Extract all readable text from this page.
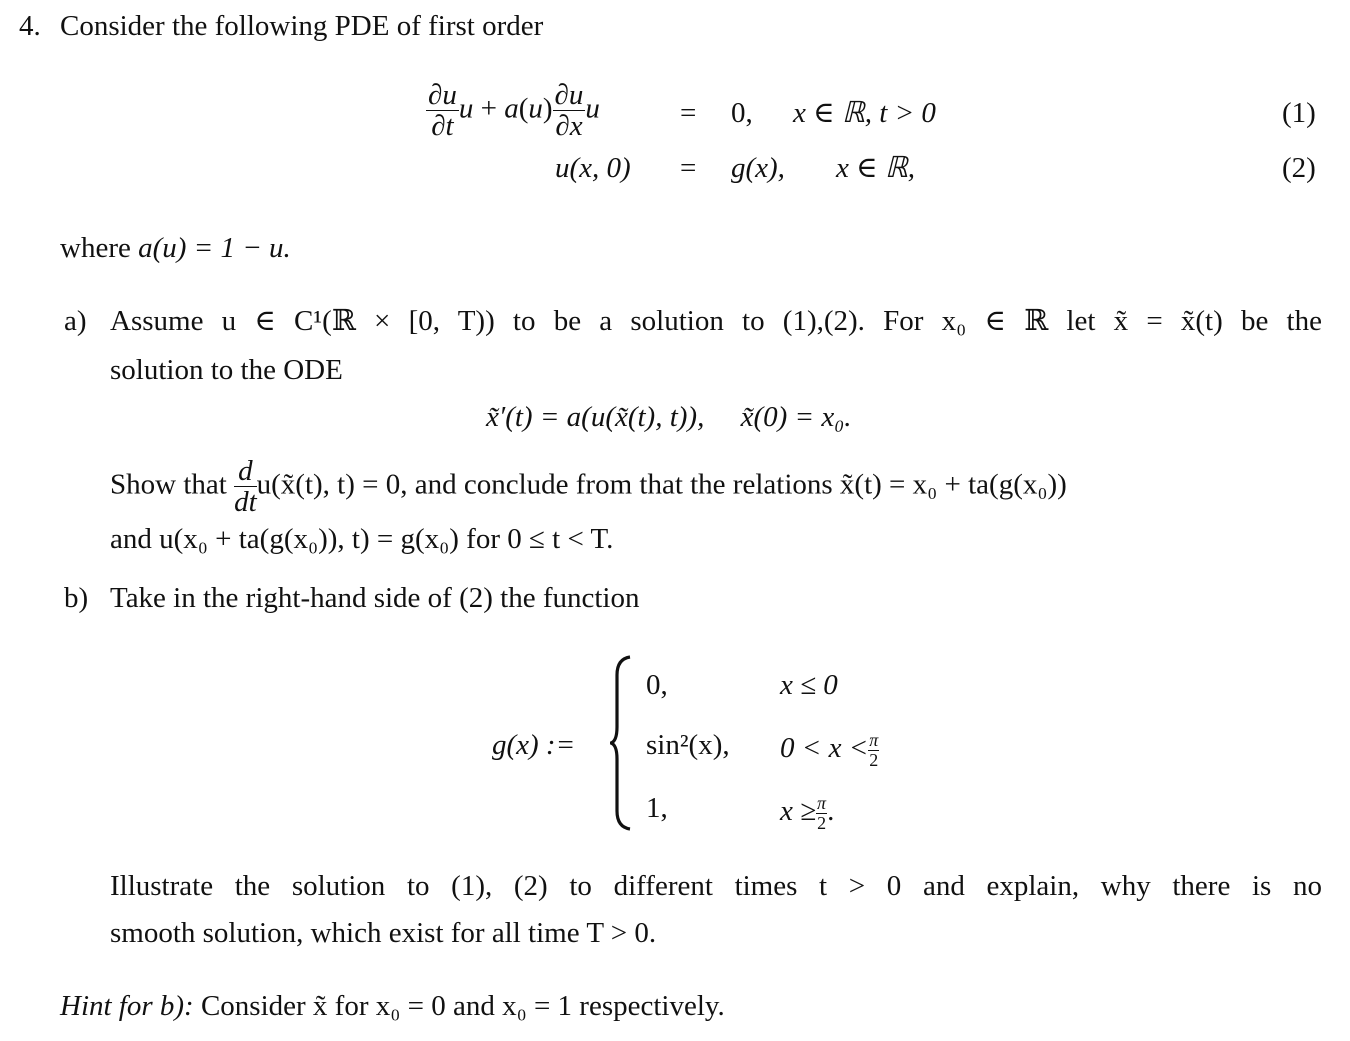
4. Consider the following PDE of first order
$\frac{\partial u}{\partial t}$ $u + a(u) \frac{\partial u}{\partial x}$ u	= 0, x ∈ ℝ, t > 0	(1)
u(x, 0) = g(x), x ∈ ℝ,	(2)
where a(u) = 1 − u.
a) Assume u ∈ C¹(ℝ × [0, T)) to be a solution to (1),(2). For x₀ ∈ ℝ let x̃ = x̃(t) be the
solution to the ODE
x̃′(t) = a(u(x̃(t), t)),     x̃(0) = x₀.
Show that $\frac{d}{dt}$ u(x̃(t), t) = 0, and conclude from that the relations x̃(t) = x₀ + ta(g(x₀))
and u(x₀ + ta(g(x₀)), t) = g(x₀) for 0 ≤ t < T.
b) Take in the right-hand side of (2) the function
g(x) :=
0,	x ≤ 0
sin²(x), $0 < x < \frac{\pi}{2}$
1,	$x \ge \frac{\pi}{2}$ .
Illustrate the solution to (1), (2) to different times t > 0 and explain, why there is no
smooth solution, which exist for all time T > 0.
Hint for b): Consider x̃ for x₀ = 0 and x₀ = 1 respectively.
